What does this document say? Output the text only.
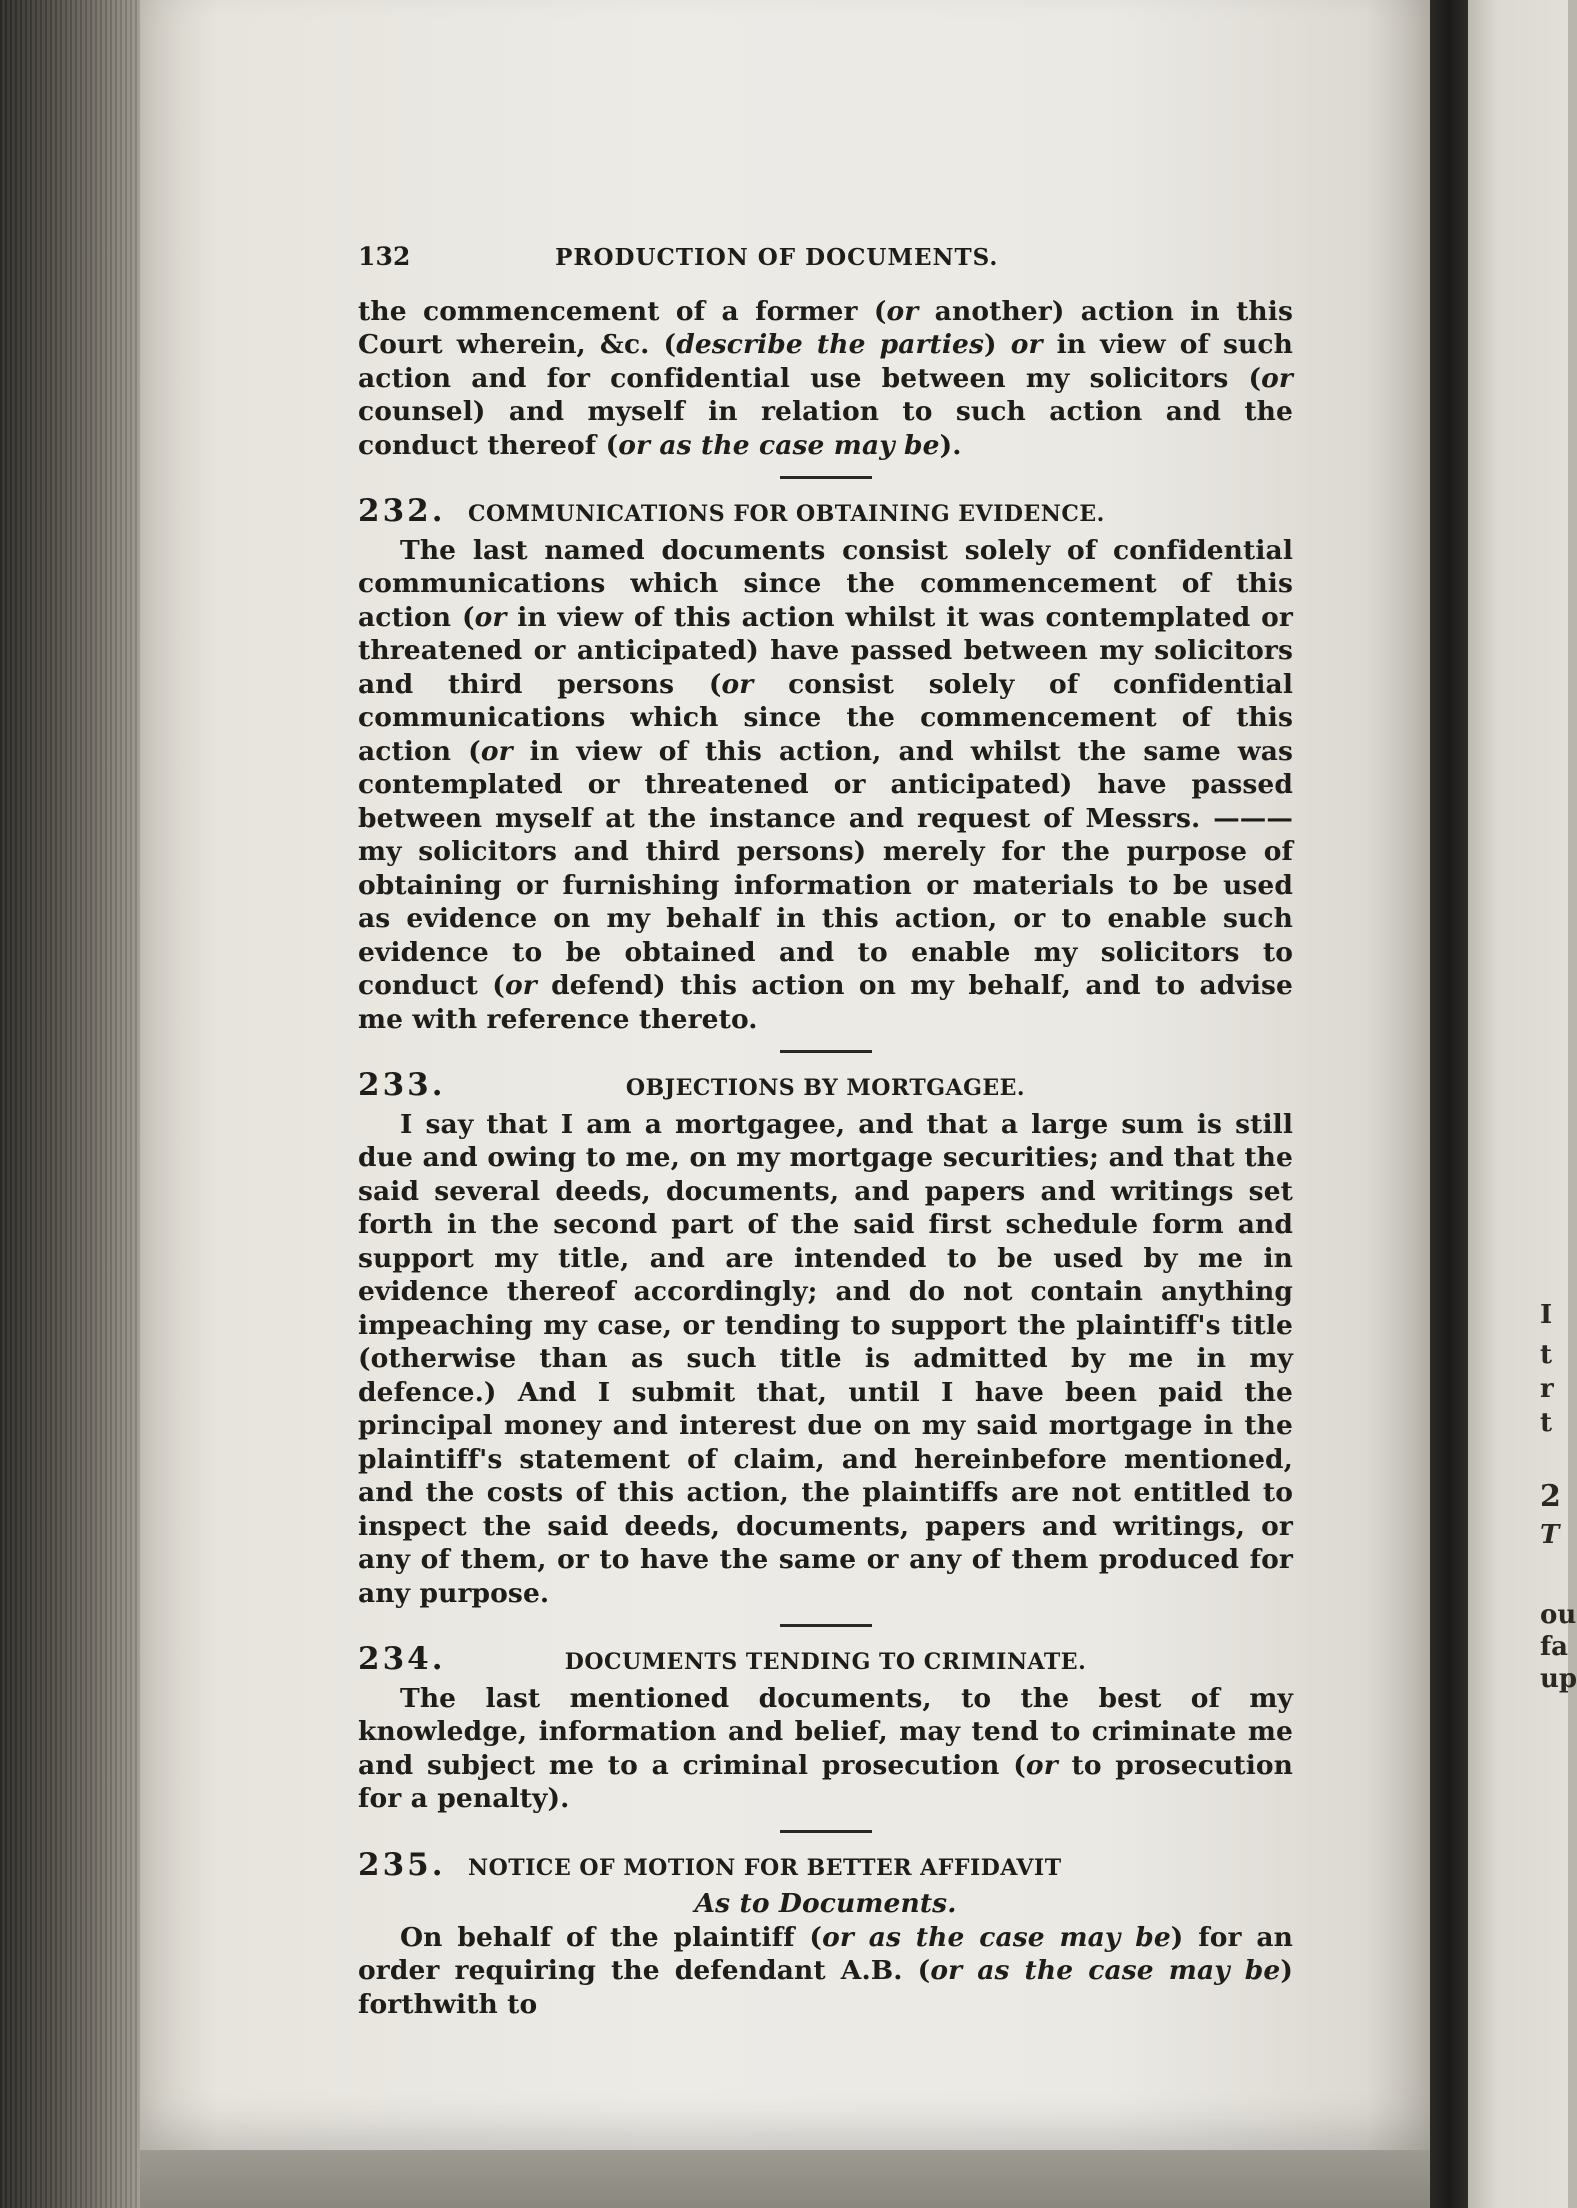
132	PRODUCTION OF DOCUMENTS.

the commencement of a former (or another) action in this Court wherein, &c. (describe the parties) or in view of such action and for confidential use between my solicitors (or counsel) and myself in relation to such action and the conduct thereof (or as the case may be).

232.	COMMUNICATIONS FOR OBTAINING EVIDENCE.

The last named documents consist solely of confidential communications which since the commencement of this action (or in view of this action whilst it was contemplated or threatened or anticipated) have passed between my solicitors and third persons (or consist solely of confidential communications which since the commencement of this action (or in view of this action, and whilst the same was contemplated or threatened or anticipated) have passed between myself at the instance and request of Messrs. ——— my solicitors and third persons) merely for the purpose of obtaining or furnishing information or materials to be used as evidence on my behalf in this action, or to enable such evidence to be obtained and to enable my solicitors to conduct (or defend) this action on my behalf, and to advise me with reference thereto.

233.	OBJECTIONS BY MORTGAGEE.

I say that I am a mortgagee, and that a large sum is still due and owing to me, on my mortgage securities; and that the said several deeds, documents, and papers and writings set forth in the second part of the said first schedule form and support my title, and are intended to be used by me in evidence thereof accordingly; and do not contain anything impeaching my case, or tending to support the plaintiff's title (otherwise than as such title is admitted by me in my defence.) And I submit that, until I have been paid the principal money and interest due on my said mortgage in the plaintiff's statement of claim, and hereinbefore mentioned, and the costs of this action, the plaintiffs are not entitled to inspect the said deeds, documents, papers and writings, or any of them, or to have the same or any of them produced for any purpose.

234.	DOCUMENTS TENDING TO CRIMINATE.

The last mentioned documents, to the best of my knowledge, information and belief, may tend to criminate me and subject me to a criminal prosecution (or to prosecution for a penalty).

235.	NOTICE OF MOTION FOR BETTER AFFIDAVIT
As to Documents.

On behalf of the plaintiff (or as the case may be) for an order requiring the defendant A.B. (or as the case may be) forthwith to

I
t
r
t
2
T
ou
fa
up
